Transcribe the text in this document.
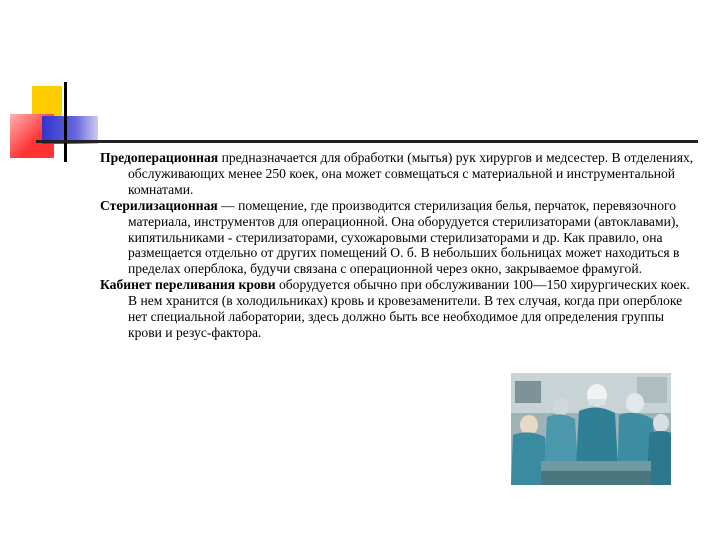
Предоперационная предназначается для обработки (мытья) рук хирургов и медсестер. В отделениях, обслуживающих менее 250 коек, она может совмещаться с материальной и инструментальной комнатами.

Стерилизационная — помещение, где производится стерилизация белья, перчаток, перевязочного материала, инструментов для операционной. Она оборудуется стерилизаторами (автоклавами), кипятильниками - стерилизаторами, сухожаровыми стерилизаторами и др. Как правило, она размещается отдельно от других помещений О. б. В небольших больницах может находиться в пределах оперблока, будучи связана с операционной через окно, закрываемое фрамугой.

Кабинет переливания крови оборудуется обычно при обслуживании 100—150 хирургических коек. В нем хранится (в холодильниках) кровь и кровезаменители. В тех случая, когда при оперблоке нет специальной лаборатории, здесь должно быть все необходимое для определения группы крови и резус-фактора.
